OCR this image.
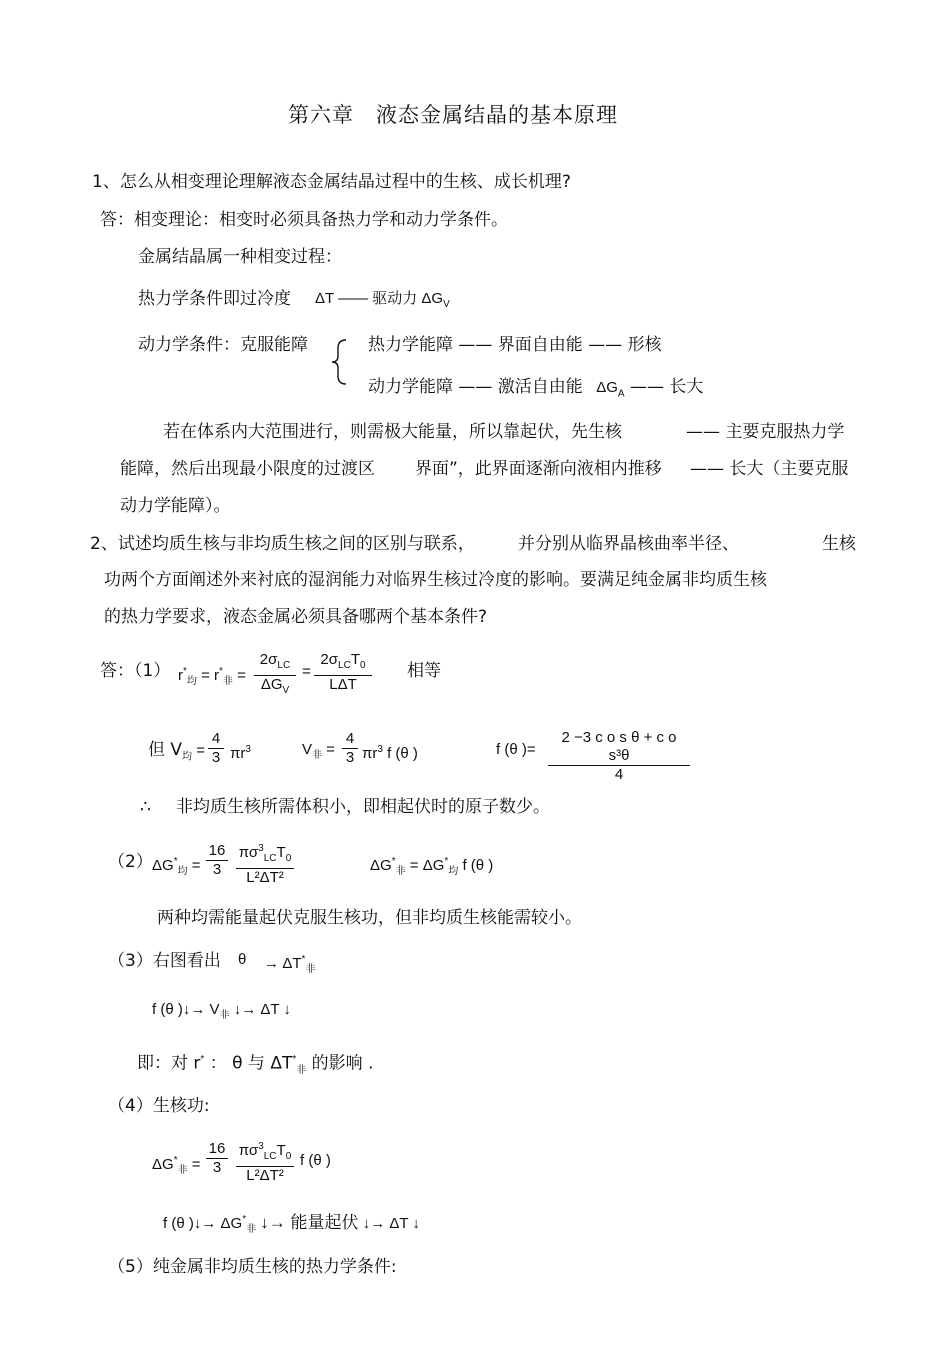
第六章　液态金属结晶的基本原理
1、怎么从相变理论理解液态金属结晶过程中的生核、成长机理?
答：相变理论：相变时必须具备热力学和动力学条件。
金属结晶属一种相变过程：
热力学条件即过冷度 ΔT —— 驱动力 $\Delta G_V$
动力学条件：克服能障	热力学能障 —— 界面自由能 —— 形核
动力学能障 —— 激活自由能 $\Delta G_A$ —— 长大
若在体系内大范围进行，则需极大能量，所以靠起伏，先生核	—— 主要克服热力学
能障，然后出现最小限度的过渡区 界面”，此界面逐渐向液相内推移 —— 长大（主要克服
动力学能障）。
2、试述均质生核与非均质生核之间的区别与联系，	并分别从临界晶核曲率半径、	生核
功两个方面阐述外来衬底的湿润能力对临界生核过冷度的影响。要满足纯金属非均质生核
的热力学要求，液态金属必须具备哪两个基本条件?
答：（1） $r^*_均 = r^*_非$ =
$2\sigma_{LC}$
$\Delta G_V$
=
$2\sigma_{LC}T_0$
LΔT
相等
但 $V_均$ =
4
3 $\pi r^3$	$V_非$ =
4
3 $\pi r^3$ f (θ )	f (θ )=
2 −3 c o s θ + c o s³θ
4
∴ 非均质生核所需体积小，即相起伏时的原子数少。
（2） $\Delta G^*_均$ =
16
3
$\pi\sigma^3_{LC}T_0$
L²ΔT²
$\Delta G^*_非 = \Delta G^*_均$ f (θ )
两种均需能量起伏克服生核功，但非均质生核能需较小。
（3）右图看出 $\theta \to \Delta T^*_非$
f (θ )↓→ $V_非$ ↓→ ΔT ↓
即：对 r* ： θ 与 $\Delta T^*_非$ 的影响 .
（4）生核功:
$\Delta G^*_非$ =
16
3
$\pi\sigma^3_{LC}T_0$
L²ΔT²
f (θ )
f (θ )↓→ $\Delta G^*_非$ ↓→ 能量起伏 ↓→ ΔT ↓
（5）纯金属非均质生核的热力学条件:
